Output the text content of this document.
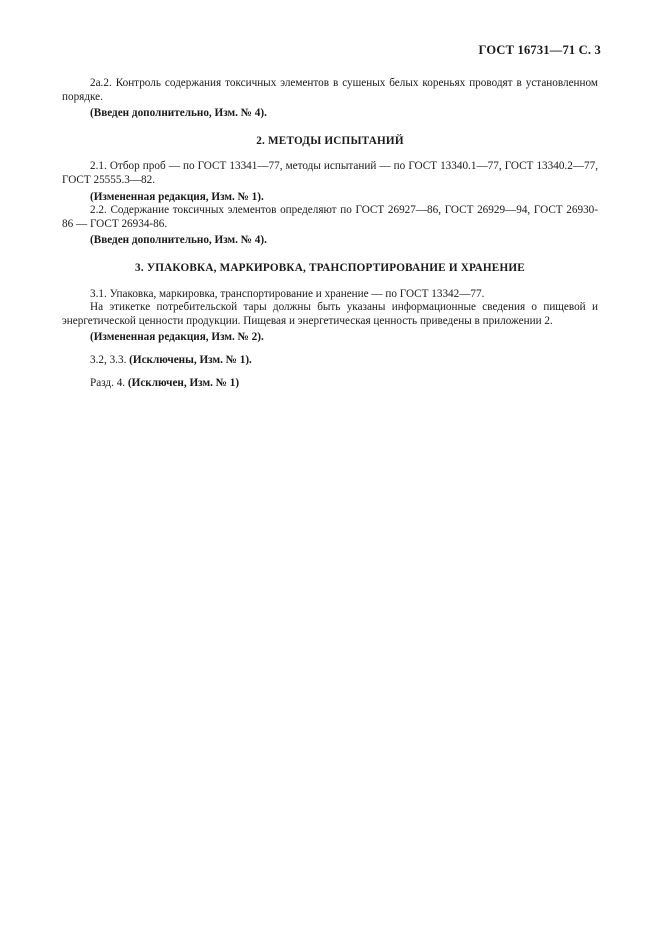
ГОСТ 16731—71 С. 3

2а.2. Контроль содержания токсичных элементов в сушеных белых кореньях проводят в установленном порядке.

(Введен дополнительно, Изм. № 4).

2. МЕТОДЫ ИСПЫТАНИЙ

2.1. Отбор проб — по ГОСТ 13341—77, методы испытаний — по ГОСТ 13340.1—77, ГОСТ 13340.2—77, ГОСТ 25555.3—82.

(Измененная редакция, Изм. № 1).

2.2. Содержание токсичных элементов определяют по ГОСТ 26927—86, ГОСТ 26929—94, ГОСТ 26930-86 — ГОСТ 26934-86.

(Введен дополнительно, Изм. № 4).

3. УПАКОВКА, МАРКИРОВКА, ТРАНСПОРТИРОВАНИЕ И ХРАНЕНИЕ

3.1. Упаковка, маркировка, транспортирование и хранение — по ГОСТ 13342—77.

На этикетке потребительской тары должны быть указаны информационные сведения о пищевой и энергетической ценности продукции. Пищевая и энергетическая ценность приведены в приложении 2.

(Измененная редакция, Изм. № 2).

3.2, 3.3. (Исключены, Изм. № 1).

Разд. 4. (Исключен, Изм. № 1)
